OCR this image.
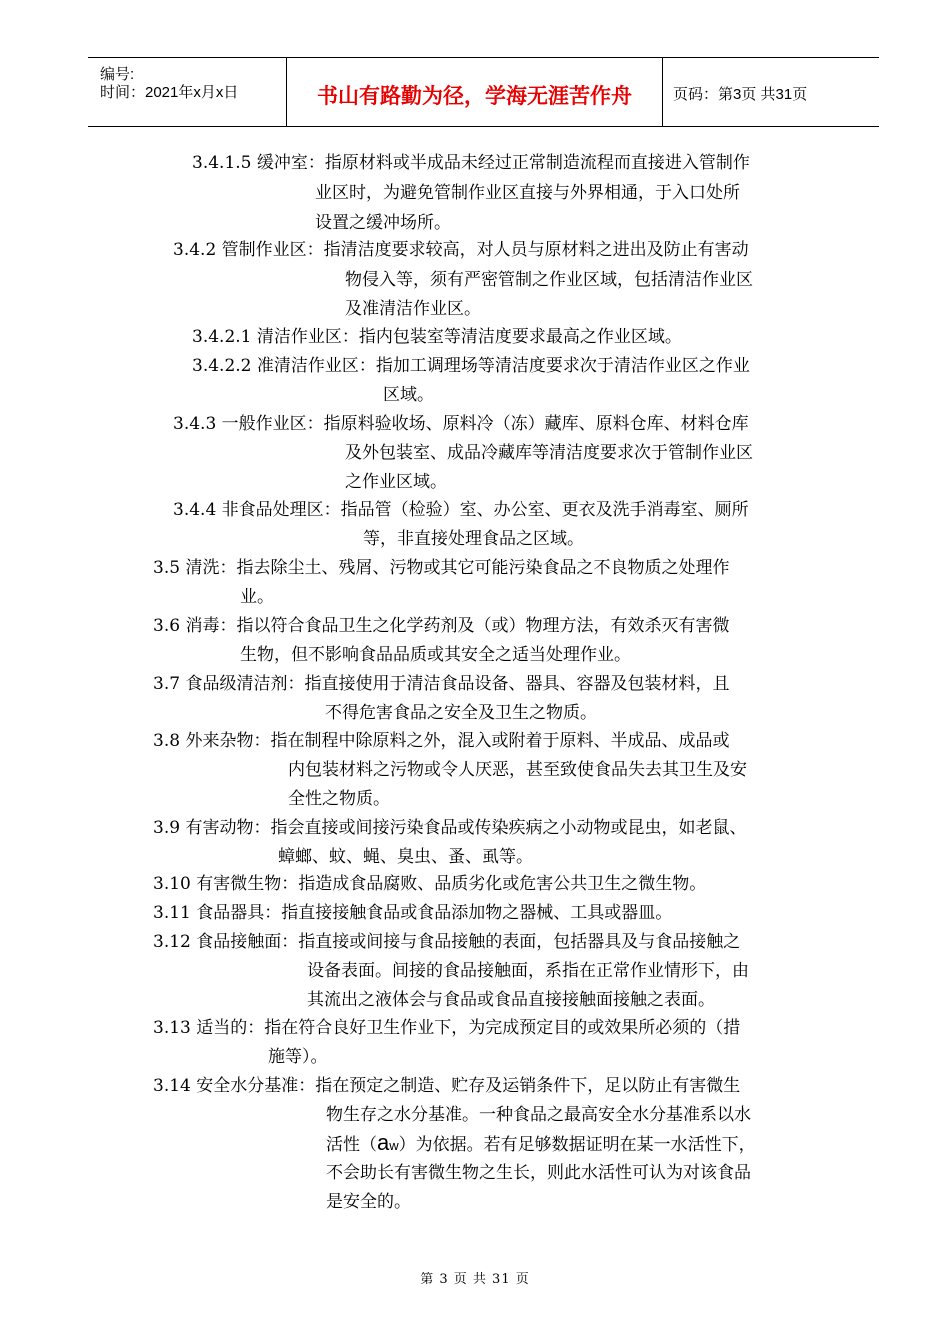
编号:
时间：2021年x月x日	书山有路勤为径，学海无涯苦作舟	页码：第3页 共31页
3.4.1.5 缓冲室：指原材料或半成品未经过正常制造流程而直接进入管制作
业区时，为避免管制作业区直接与外界相通，于入口处所
设置之缓冲场所。
3.4.2 管制作业区：指清洁度要求较高，对人员与原材料之进出及防止有害动
物侵入等，须有严密管制之作业区域，包括清洁作业区
及准清洁作业区。
3.4.2.1 清洁作业区：指内包装室等清洁度要求最高之作业区域。
3.4.2.2 准清洁作业区：指加工调理场等清洁度要求次于清洁作业区之作业
区域。
3.4.3 一般作业区：指原料验收场、原料冷（冻）藏库、原料仓库、材料仓库
及外包装室、成品冷藏库等清洁度要求次于管制作业区
之作业区域。
3.4.4 非食品处理区：指品管（检验）室、办公室、更衣及洗手消毒室、厕所
等，非直接处理食品之区域。
3.5 清洗：指去除尘土、残屑、污物或其它可能污染食品之不良物质之处理作
业。
3.6 消毒：指以符合食品卫生之化学药剂及（或）物理方法，有效杀灭有害微
生物，但不影响食品品质或其安全之适当处理作业。
3.7 食品级清洁剂：指直接使用于清洁食品设备、器具、容器及包装材料，且
不得危害食品之安全及卫生之物质。
3.8 外来杂物：指在制程中除原料之外，混入或附着于原料、半成品、成品或
内包装材料之污物或令人厌恶，甚至致使食品失去其卫生及安
全性之物质。
3.9 有害动物：指会直接或间接污染食品或传染疾病之小动物或昆虫，如老鼠、
蟑螂、蚊、蝇、臭虫、蚤、虱等。
3.10 有害微生物：指造成食品腐败、品质劣化或危害公共卫生之微生物。
3.11 食品器具：指直接接触食品或食品添加物之器械、工具或器皿。
3.12 食品接触面：指直接或间接与食品接触的表面，包括器具及与食品接触之
设备表面。间接的食品接触面，系指在正常作业情形下，由
其流出之液体会与食品或食品直接接触面接触之表面。
3.13 适当的：指在符合良好卫生作业下，为完成预定目的或效果所必须的（措
施等）。
3.14 安全水分基准：指在预定之制造、贮存及运销条件下，足以防止有害微生
物生存之水分基准。一种食品之最高安全水分基准系以水
活性（aw）为依据。若有足够数据证明在某一水活性下，
不会助长有害微生物之生长，则此水活性可认为对该食品
是安全的。
第 3 页 共 31 页
